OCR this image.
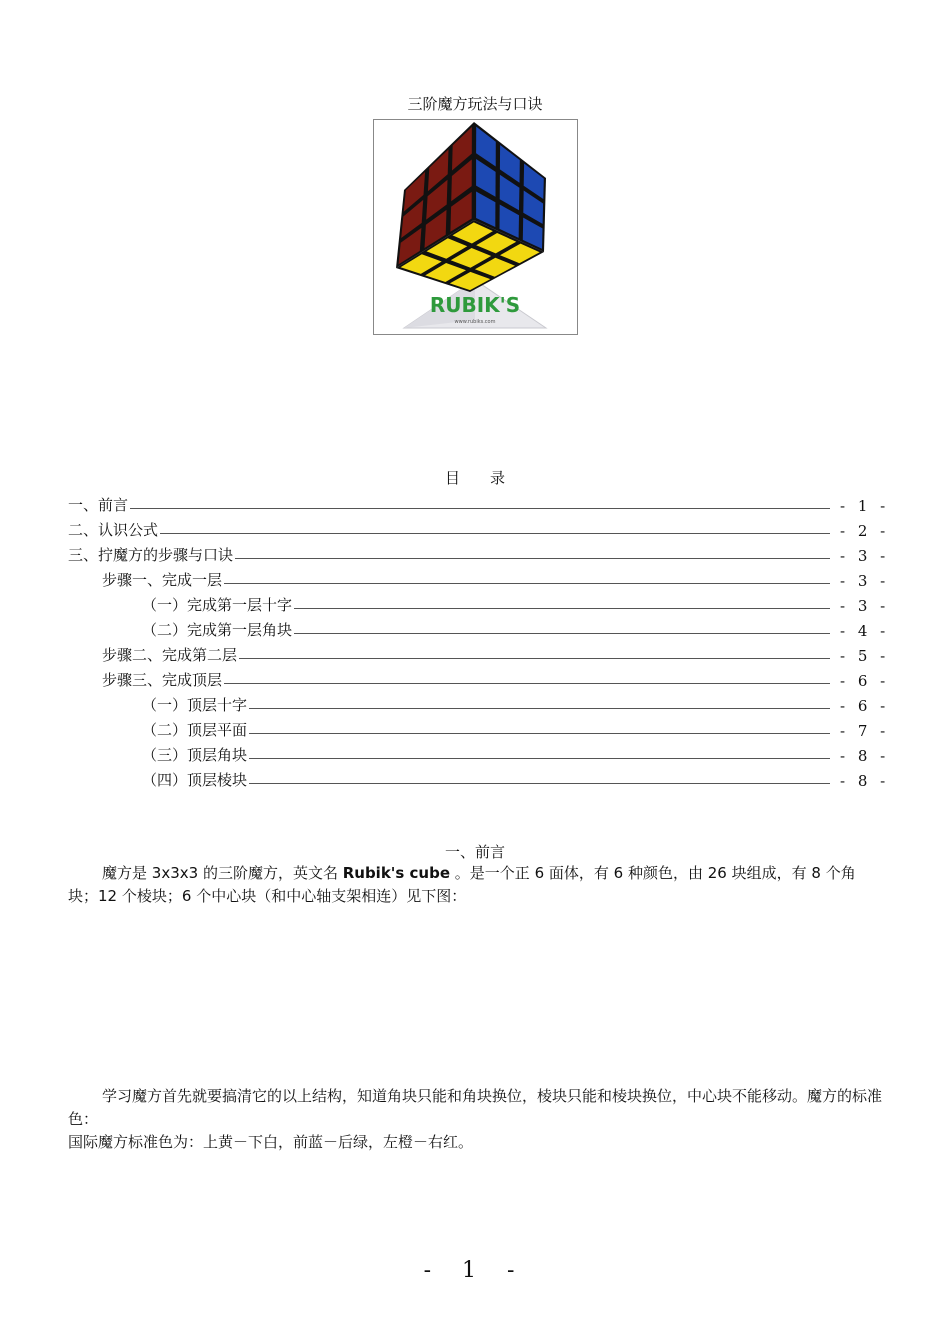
三阶魔方玩法与口诀
RUBIK'S
www.rubiks.com
目录
一、前言	- 1 -
二、认识公式	- 2 -
三、拧魔方的步骤与口诀	- 3 -
步骤一、完成一层	- 3 -
（一）完成第一层十字	- 3 -
（二）完成第一层角块	- 4 -
步骤二、完成第二层	- 5 -
步骤三、完成顶层	- 6 -
（一）顶层十字	- 6 -
（二）顶层平面	- 7 -
（三）顶层角块	- 8 -
（四）顶层棱块	- 8 -
一、前言
魔方是 3x3x3 的三阶魔方，英文名 Rubik's cube 。是一个正 6 面体，有 6 种颜色，由 26 块组成，有 8 个角块；12 个棱块；6 个中心块（和中心轴支架相连）见下图：
学习魔方首先就要搞清它的以上结构，知道角块只能和角块换位，棱块只能和棱块换位，中心块不能移动。魔方的标准色：
国际魔方标准色为：上黄－下白，前蓝－后绿，左橙－右红。
- 1 -
